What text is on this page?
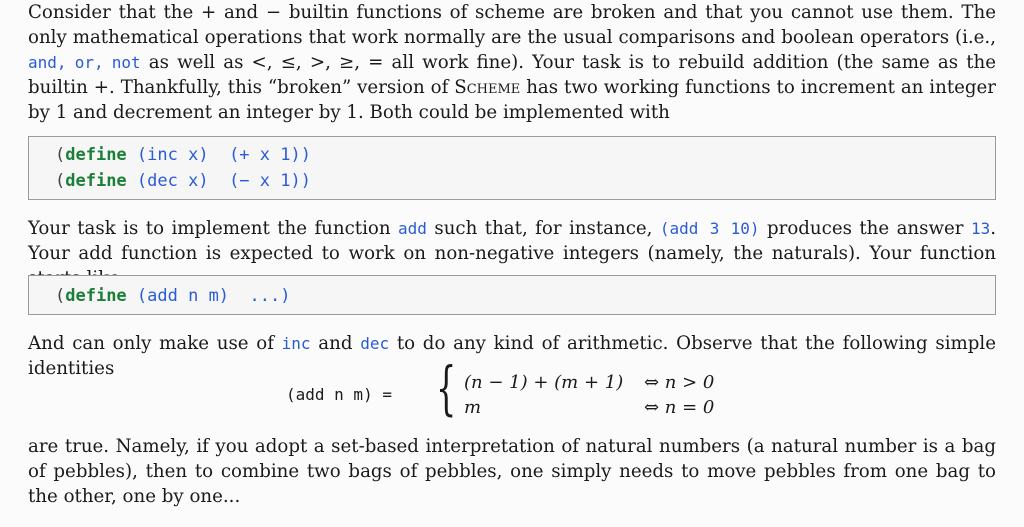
Consider that the + and − builtin functions of scheme are broken and that you cannot use them. The only mathematical operations that work normally are the usual comparisons and boolean operators (i.e., and, or, not as well as <, ≤, >, ≥, = all work fine). Your task is to rebuild addition (the same as the builtin +. Thankfully, this “broken” version of Scheme has two working functions to increment an integer by 1 and decrement an integer by 1. Both could be implemented with

(define (inc x) (+ x 1))
(define (dec x) (− x 1))

Your task is to implement the function add such that, for instance, (add 3 10) produces the answer 13. Your add function is expected to work on non-negative integers (namely, the naturals). Your function

(define (add n m) ...)

And can only make use of inc and dec to do any kind of arithmetic. Observe that the following simple identities

(add n m) = { (n − 1) + (m + 1)
m
⇔ n > 0
⇔ n = 0

are true. Namely, if you adopt a set-based interpretation of natural numbers (a natural number is a bag of pebbles), then to combine two bags of pebbles, one simply needs to move pebbles from one bag to the other, one by one...
